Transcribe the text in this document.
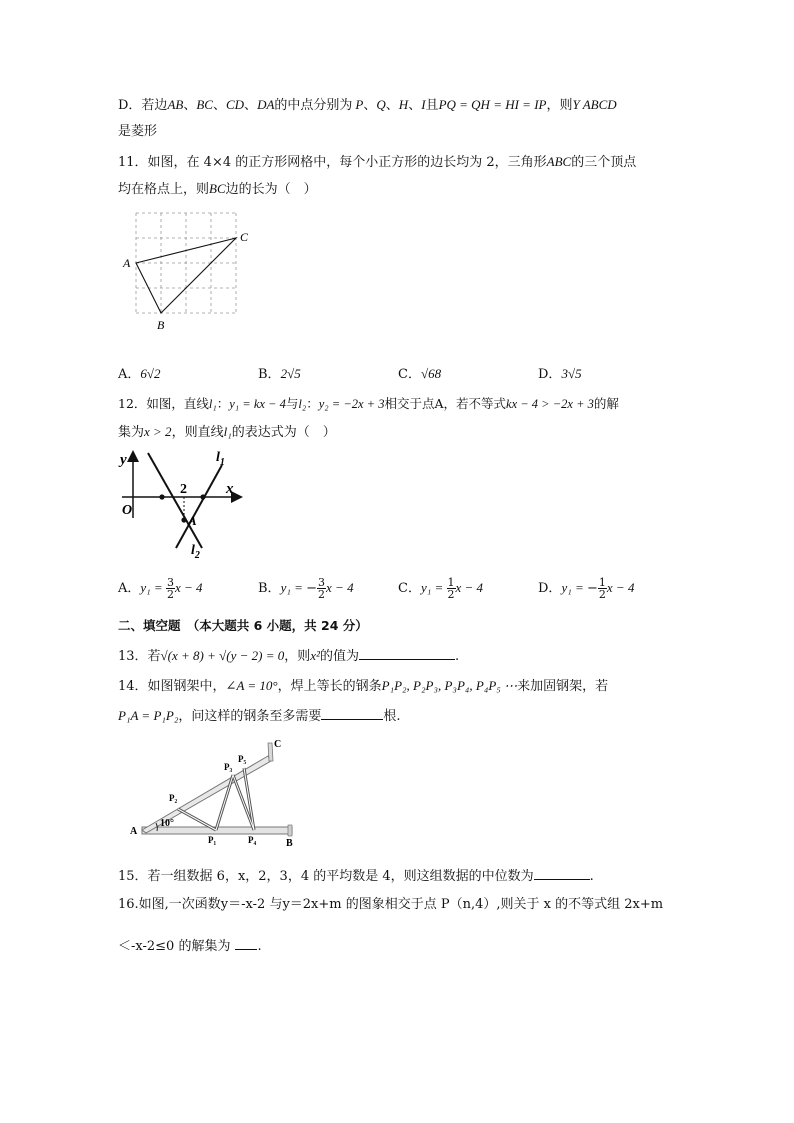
D．若边AB、BC、CD、DA的中点分别为 P、Q、H、I且PQ = QH = HI = IP，则Y ABCD
是菱形
11．如图，在 4×4 的正方形网格中，每个小正方形的边长均为 2，三角形ABC的三个顶点
均在格点上，则BC边的长为（　）
A
C
B
A．6√2	B．2√5	C．√68	D．3√5
12．如图，直线l₁：y₁ = kx − 4与l₂：y₂ = −2x + 3相交于点A，若不等式kx − 4 > −2x + 3的解
集为x > 2，则直线l₁的表达式为（　）
y
x
O
2
A
$l_1$
$l_2$
A．$y_1 = \frac{3}{2}$ x − 4	B．y₁ = − $\frac{3}{2}$ x − 4	C．$y_1 = \frac{1}{2}$ x − 4	D．y₁ = − $\frac{1}{2}$ x − 4
二、填空题　（本大题共 6 小题，共 24 分）
13．若√(x + 8) + √(y − 2) = 0，则x²的值为	.
14．如图钢架中，∠A = 10°，焊上等长的钢条P₁P₂, P₂P₃, P₃P₄, P₄P₅ ⋯来加固钢架，若
P₁A = P₁P₂，问这样的钢条至多需要	根.
A
10°
B
C
P₂
P₁	P₄
P₃
P₅
15．若一组数据 6，x，2，3，4 的平均数是 4，则这组数据的中位数为	.
16.如图,一次函数y＝-x-2 与y＝2x+m 的图象相交于点 P（n,4）,则关于 x 的不等式组 2x+m
＜-x-2≤0 的解集为 .
